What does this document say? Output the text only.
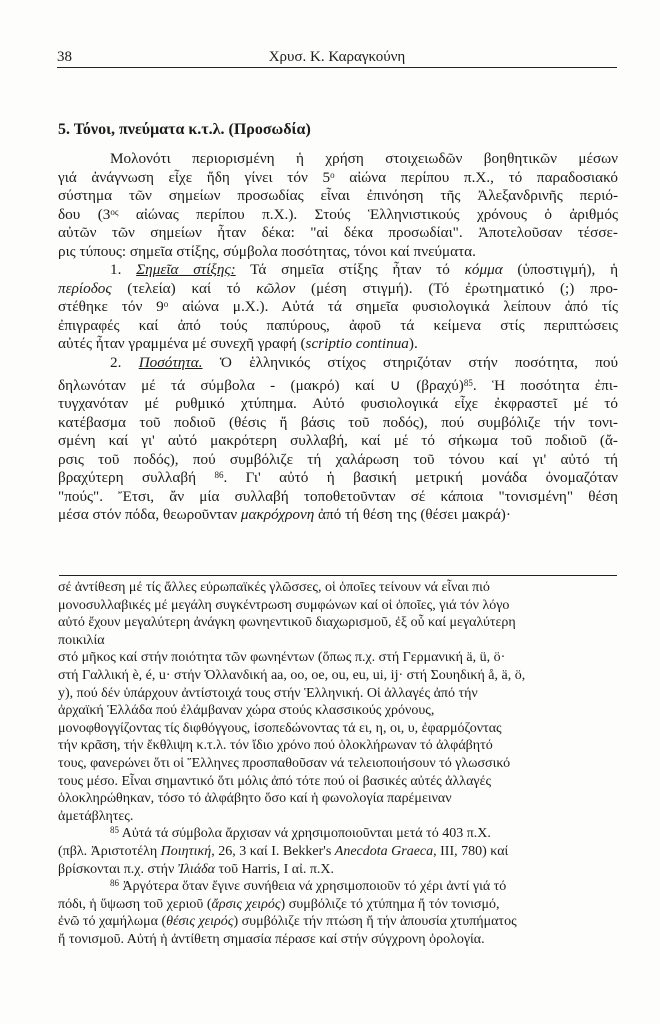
38	Χρυσ. Κ. Καραγκούνη
5. Τόνοι, πνεύματα κ.τ.λ. (Προσωδία)
Μολονότι περιορισμένη ἡ χρήση στοιχειωδῶν βοηθητικῶν μέσων
γιά ἀνάγνωση εἶχε ἤδη γίνει τόν $5^o$ αἰώνα περίπου π.Χ., τό παραδοσιακό
σύστημα τῶν σημείων προσωδίας εἶναι ἐπινόηση τῆς Ἀλεξανδρινῆς περιό-
δου ($3^{o\varsigma}$ αἰώνας περίπου π.Χ.). Στούς Ἑλληνιστικούς χρόνους ὁ ἀριθμός
αὐτῶν τῶν σημείων ἦταν δέκα: "αἱ δέκα προσωδίαι". Ἀποτελοῦσαν τέσσε-
ρις τύπους: σημεῖα στίξης, σύμβολα ποσότητας, τόνοι καί πνεύματα.
1. Σημεῖα στίξης: Τά σημεῖα στίξης ἦταν τό κόμμα (ὑποστιγμή), ἡ
περίοδος (τελεία) καί τό κῶλον (μέση στιγμή). (Τό ἐρωτηματικό (;) προ-
στέθηκε τόν $9^o$ αἰώνα μ.Χ.). Αὐτά τά σημεῖα φυσιολογικά λείπουν ἀπό τίς
ἐπιγραφές καί ἀπό τούς παπύρους, ἀφοῦ τά κείμενα στίς περιπτώσεις
αὐτές ἦταν γραμμένα μέ συνεχῆ γραφή (scriptio continua).
2. Ποσότητα. Ὁ ἑλληνικός στίχος στηριζόταν στήν ποσότητα, πού
δηλωνόταν μέ τά σύμβολα - (μακρό) καί ∪ $(\beta\rho\alpha\chi ύ)^{85}$. Ἡ ποσότητα ἐπι-
τυγχανόταν μέ ρυθμικό χτύπημα. Αὐτό φυσιολογικά εἶχε ἐκφραστεῖ μέ τό
κατέβασμα τοῦ ποδιοῦ (θέσις ἤ βάσις τοῦ ποδός), πού συμβόλιζε τήν τονι-
σμένη καί γι' αὐτό μακρότερη συλλαβή, καί μέ τό σήκωμα τοῦ ποδιοῦ (ἄ-
ρσις τοῦ ποδός), πού συμβόλιζε τή χαλάρωση τοῦ τόνου καί γι' αὐτό τή
βραχύτερη συλλαβή $^{86}$. Γι' αὐτό ἡ βασική μετρική μονάδα ὀνομαζόταν
"πούς". Ἔτσι, ἄν μία συλλαβή τοποθετοῦνταν σέ κάποια "τονισμένη" θέση
μέσα στόν πόδα, θεωροῦνταν μακρόχρονη ἀπό τή θέση της (θέσει μακρά)·
σέ ἀντίθεση μέ τίς ἄλλες εὐρωπαϊκές γλῶσσες, οἱ ὁποῖες τείνουν νά εἶναι πιό
μονοσυλλαβικές μέ μεγάλη συγκέντρωση συμφώνων καί οἱ ὁποῖες, γιά τόν λόγο
αὐτό ἔχουν μεγαλύτερη ἀνάγκη φωνηεντικοῦ διαχωρισμοῦ, ἐξ οὗ καί μεγαλύτερη
ποικιλία
στό μῆκος καί στήν ποιότητα τῶν φωνηέντων (ὅπως π.χ. στή Γερμανική ä, ü, ö·
στή Γαλλική è, é, u· στήν Ὁλλανδική aa, oo, oe, ou, eu, ui, ij· στή Σουηδική å, ä, ö,
y), πού δέν ὑπάρχουν ἀντίστοιχά τους στήν Ἑλληνική. Οἱ ἀλλαγές ἀπό τήν
ἀρχαϊκή Ἑλλάδα πού ἐλάμβαναν χώρα στούς κλασσικούς χρόνους,
μονοφθογγίζοντας τίς διφθόγγους, ἰσοπεδώνοντας τά ει, η, οι, υ, ἐφαρμόζοντας
τήν κρᾶση, τήν ἔκθλιψη κ.τ.λ. τόν ἴδιο χρόνο πού ὁλοκλήρωναν τό ἀλφάβητό
τους, φανερώνει ὅτι οἱ Ἕλληνες προσπαθοῦσαν νά τελειοποιήσουν τό γλωσσικό
τους μέσο. Εἶναι σημαντικό ὅτι μόλις ἀπό τότε πού οἱ βασικές αὐτές ἀλλαγές
ὁλοκληρώθηκαν, τόσο τό ἀλφάβητο ὅσο καί ἡ φωνολογία παρέμειναν
ἀμετάβλητες.
$^{85}$ Αὐτά τά σύμβολα ἄρχισαν νά χρησιμοποιοῦνται μετά τό 403 π.Χ.
(πβλ. Ἀριστοτέλη Ποιητική, 26, 3 καί I. Bekker's Anecdota Graeca, III, 780) καί
βρίσκονται π.χ. στήν Ἰλιάδα τοῦ Harris, I αἰ. π.Χ.
$^{86}$ Ἀργότερα ὅταν ἔγινε συνήθεια νά χρησιμοποιοῦν τό χέρι ἀντί γιά τό
πόδι, ἡ ὕψωση τοῦ χεριοῦ (ἄρσις χειρός) συμβόλιζε τό χτύπημα ἤ τόν τονισμό,
ἐνῶ τό χαμήλωμα (θέσις χειρός) συμβόλιζε τήν πτώση ἤ τήν ἀπουσία χτυπήματος
ἤ τονισμοῦ. Αὐτή ἡ ἀντίθετη σημασία πέρασε καί στήν σύγχρονη ὁρολογία.
